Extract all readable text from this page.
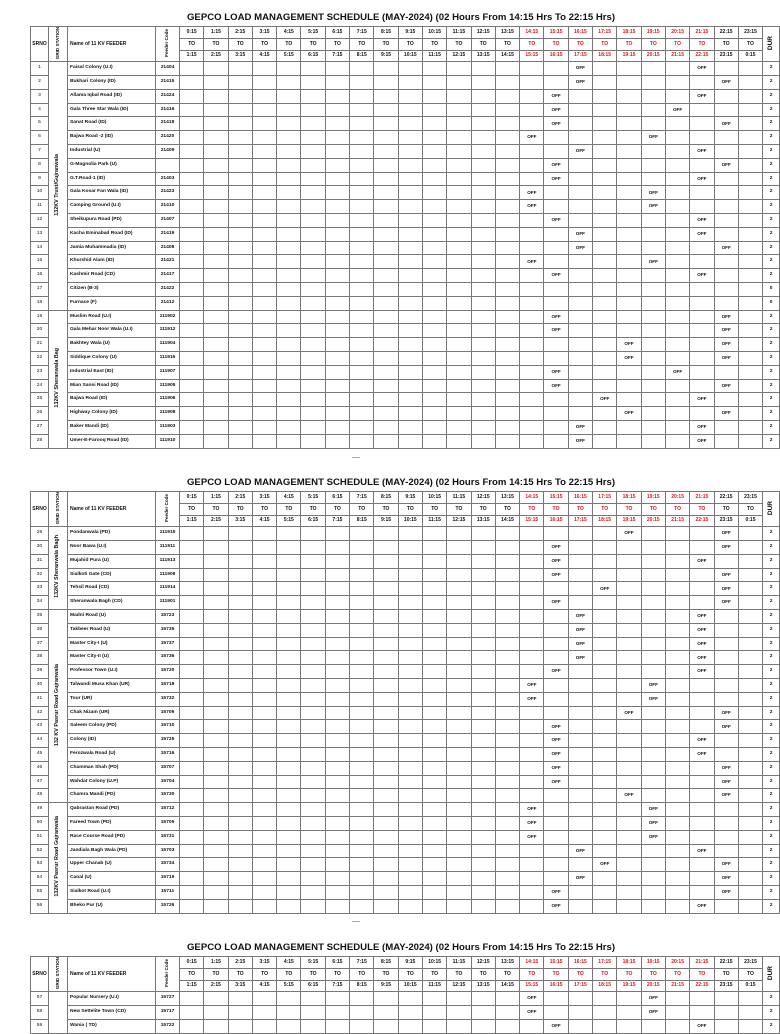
GEPCO LOAD MANAGEMENT SCHEDULE (MAY-2024) (02 Hours From 14:15 Hrs To 22:15 Hrs)
SRNO	GRID STATION	Name of 11 KV FEEDER	Feeder Code	0:15	1:15	2:15	3:15	4:15	5:15	6:15	7:15	8:15	9:15	10:15	11:15	12:15	13:15	14:15	15:15	16:15	17:15	18:15	19:15	20:15	21:15	22:15	23:15	DUR
				TO	TO	TO	TO	TO	TO	TO	TO	TO	TO	TO	TO	TO	TO	TO	TO	TO	TO	TO	TO	TO	TO	TO	TO	
				1:15	2:15	3:15	4:15	5:15	6:15	7:15	8:15	9:15	10:15	11:15	12:15	13:15	14:15	15:15	16:15	17:15	18:15	19:15	20:15	21:15	22:15	23:15	0:15	
1	132KV Trust/Gujranwala	Faisal Colony (U.I)	21404																	OFF					OFF			2
2		Bukhari Colony (ID)	21415																	OFF						OFF		2
3		Allama Iqbal Road (ID)	21424																OFF						OFF			2
4		Gala Three Star Wala (ID)	21416																OFF					OFF				2
5		Sanat Road (ID)	21418																OFF							OFF		2
6		Bajwa Road -2 (ID)	21420															OFF					OFF					2
7		Industrial (U)	21409																	OFF					OFF			2
8		G-Magnolia Park (U)																	OFF							OFF		2
9		G.T.Road-1 (ID)	21403																OFF						OFF			2
10		Gala Kosar Fan Wala (ID)	21423															OFF					OFF					2
11		Camping Ground (U.I)	21410															OFF					OFF					2
12		Sheikupura Road (PD)	21407																OFF						OFF			2
13		Kacha Eminabad Road (ID)	21419																	OFF					OFF			2
14		Jamia Muhammadia (ID)	21408																	OFF						OFF		2
15		Khurshid Alam (ID)	21421															OFF					OFF					2
16		Kashmir Road (CD)	21417																OFF						OFF			2
17		Citizen (B-3)	21422																									0
18		Furnace (F)	21412																									0
19	132KV Sheranwala Bag	Muslim Road (U.I)	111902																OFF							OFF		2
20		Gala Mehar Noor Wala (U.I)	111912																OFF							OFF		2
21		Bakhtey Wala (U)	111904																			OFF				OFF		2
22		Siddique Colony (U)	111916																			OFF				OFF		2
23		Industrial East (ID)	111907																OFF					OFF				2
24		Mian Sansi Road (ID)	111905																OFF							OFF		2
25		Bajwa Road (ID)	111906																		OFF				OFF			2
26		Highway Colony (ID)	111908																			OFF				OFF		2
27		Baker Mandi (ID)	111903																	OFF					OFF			2
28		Umer-E-Farooq Road (ID)	111910																	OFF					OFF			2
GEPCO LOAD MANAGEMENT SCHEDULE (MAY-2024) (02 Hours From 14:15 Hrs To 22:15 Hrs)
SRNO	GRID STATION	Name of 11 KV FEEDER	Feeder Code	0:15	1:15	2:15	3:15	4:15	5:15	6:15	7:15	8:15	9:15	10:15	11:15	12:15	13:15	14:15	15:15	16:15	17:15	18:15	19:15	20:15	21:15	22:15	23:15	DUR
				TO	TO	TO	TO	TO	TO	TO	TO	TO	TO	TO	TO	TO	TO	TO	TO	TO	TO	TO	TO	TO	TO	TO	TO	
				1:15	2:15	3:15	4:15	5:15	6:15	7:15	8:15	9:15	10:15	11:15	12:15	13:15	14:15	15:15	16:15	17:15	18:15	19:15	20:15	21:15	22:15	23:15	0:15	
29	132KV Sheranwala Bagh	Pondanwala (PD)	111915																			OFF				OFF		2
30		Noor Bawa (U.I)	111911																OFF							OFF		2
31		Mujahid Pura (U)	111913																OFF						OFF			2
32		Sialkoti Gate (CD)	111909																OFF							OFF		2
33		Tehsil Road (CD)	111914																		OFF					OFF		2
34		Sheranwala Bagh (CD)	111901																OFF							OFF		2
35	132 KV Pasrur Road Gujranwala	Madni Road (U)	15723																	OFF					OFF			2
36		Takbeer Road (U)	15735																	OFF					OFF			2
37		Master City-I (U)	15737																	OFF					OFF			2
38		Master City-II (U)	15736																	OFF					OFF			2
39		Professor Town (U.I)	15720																OFF						OFF			2
40		Talwandi Musa Khan (UR)	15718															OFF					OFF					2
41		Tour (UR)	15732															OFF					OFF					2
42		Chak Nizam (UR)	15709																			OFF				OFF		2
43		Saleem Colony (PD)	15710																OFF							OFF		2
44		Colony (ID)	15725																OFF						OFF			2
45		Ferozwala Road (U)	15716																OFF						OFF			2
46		Chamman Shah (PD)	15707																OFF							OFF		2
47		Wahdat Colony (U.P)	15704																OFF							OFF		2
48		Chamra Mandi (PD)	15730																			OFF				OFF		2
49	132KV Pasrur Road Gujranwala	Qabrastan Road (PD)	15712															OFF					OFF					2
50		Fareed Town (PD)	15705															OFF					OFF					2
51		Race Course Road (PD)	15731															OFF					OFF					2
52		Jandiala Bagh Wala (PD)	15703																	OFF					OFF			2
53		Upper Chanab (U)	15734																		OFF					OFF		2
54		Canal (U)	15719																	OFF						OFF		2
55		Sialkot Road (U.I)	15711																OFF							OFF		2
56		Bheko Pur (U)	15726																OFF						OFF			2
GEPCO LOAD MANAGEMENT SCHEDULE (MAY-2024) (02 Hours From 14:15 Hrs To 22:15 Hrs)
SRNO	GRID STATION	Name of 11 KV FEEDER	Feeder Code	0:15	1:15	2:15	3:15	4:15	5:15	6:15	7:15	8:15	9:15	10:15	11:15	12:15	13:15	14:15	15:15	16:15	17:15	18:15	19:15	20:15	21:15	22:15	23:15	DUR
				TO	TO	TO	TO	TO	TO	TO	TO	TO	TO	TO	TO	TO	TO	TO	TO	TO	TO	TO	TO	TO	TO	TO	TO	
				1:15	2:15	3:15	4:15	5:15	6:15	7:15	8:15	9:15	10:15	11:15	12:15	13:15	14:15	15:15	16:15	17:15	18:15	19:15	20:15	21:15	22:15	23:15	0:15	
57		Popular Nursery (U.I)	15727															OFF					OFF					2
58		New Settelite Town (CD)	15717															OFF					OFF					2
59		Wania ( TD)	15722																OFF						OFF			2
